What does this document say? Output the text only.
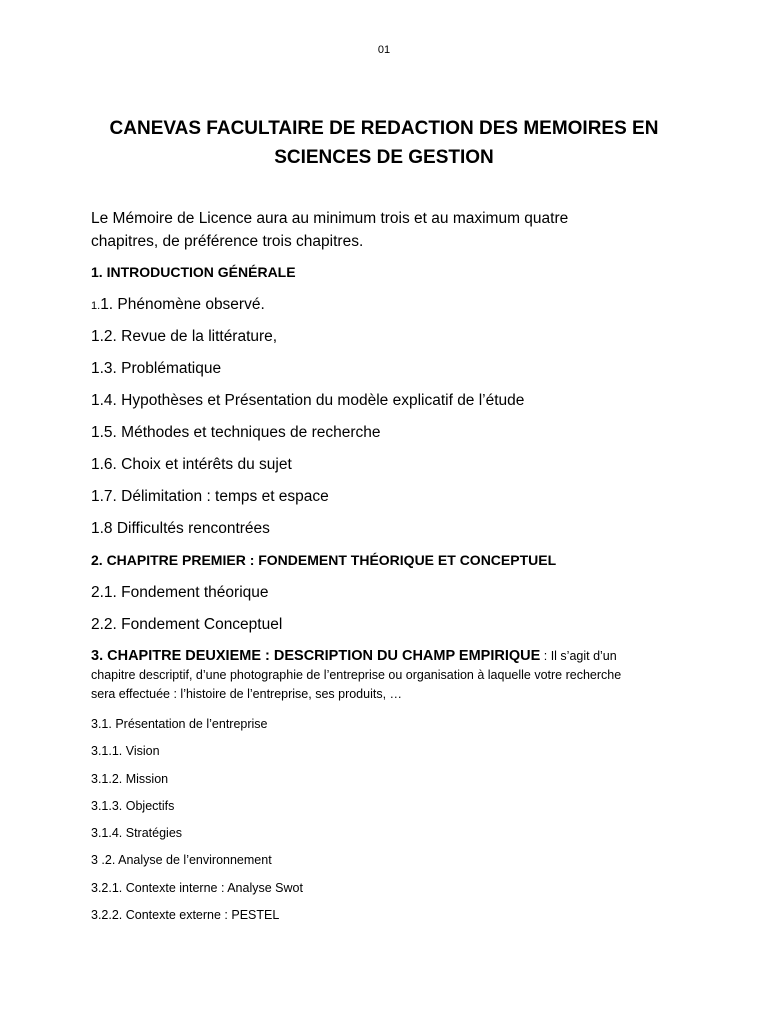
01
CANEVAS FACULTAIRE DE REDACTION DES MEMOIRES EN
SCIENCES DE GESTION

Le Mémoire de Licence aura au minimum trois et au maximum quatre
chapitres, de préférence trois chapitres.

1. INTRODUCTION GÉNÉRALE

1.1. Phénomène observé.

1.2. Revue de la littérature,

1.3. Problématique

1.4. Hypothèses et Présentation du modèle explicatif de l’étude

1.5. Méthodes et techniques de recherche

1.6. Choix et intérêts du sujet

1.7. Délimitation : temps et espace

1.8 Difficultés rencontrées

2. CHAPITRE PREMIER : FONDEMENT THÉORIQUE ET CONCEPTUEL

2.1. Fondement théorique

2.2. Fondement Conceptuel

3. CHAPITRE DEUXIEME : DESCRIPTION DU CHAMP EMPIRIQUE : Il s’agit d’un
chapitre descriptif, d’une photographie de l’entreprise ou organisation à laquelle votre recherche
sera effectuée : l’histoire de l’entreprise, ses produits, …

3.1. Présentation de l’entreprise

3.1.1. Vision

3.1.2. Mission

3.1.3. Objectifs

3.1.4. Stratégies

3 .2. Analyse de l’environnement

3.2.1. Contexte interne : Analyse Swot

3.2.2. Contexte externe : PESTEL
